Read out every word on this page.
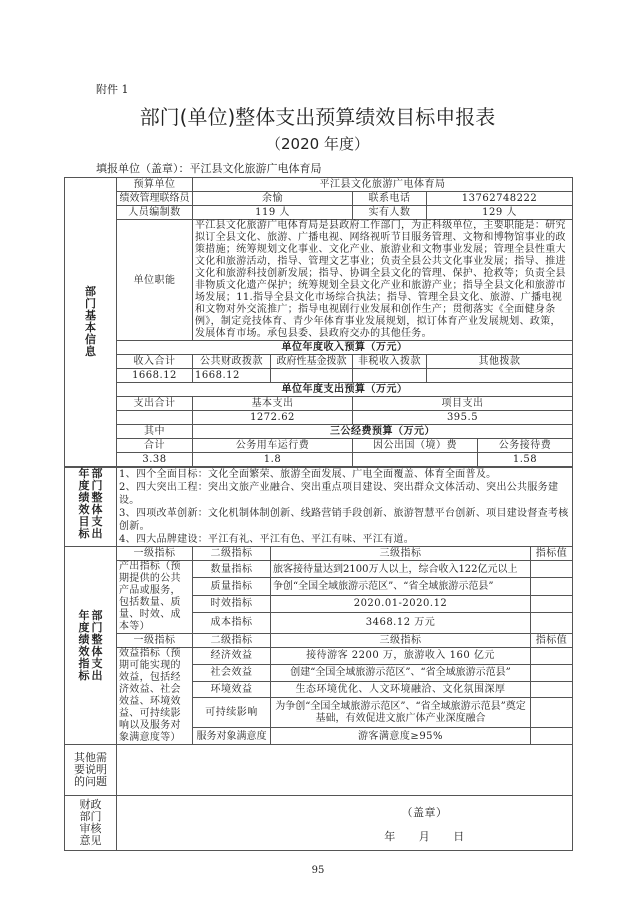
附件 1
部门(单位)整体支出预算绩效目标申报表
（2020 年度）
填报单位（盖章）：平江县文化旅游广电体育局
部门基本信息	预算单位	平江县文化旅游广电体育局				
	绩效管理联络员	余愉		联系电话	13762748222	
	人员编制数	119 人		实有人数	129 人	
	单位职能	平江县文化旅游广电体育局是县政府工作部门，为正科级单位，主要职能是：研究拟订全县文化、旅游、广播电视、网络视听节目服务管理、文物和博物馆事业的政策措施；统筹规划文化事业、文化产业、旅游业和文物事业发展；管理全县性重大文化和旅游活动，指导、管理文艺事业；负责全县公共文化事业发展；指导、推进文化和旅游科技创新发展；指导、协调全县文化的管理、保护、抢救等；负责全县非物质文化遗产保护；统筹规划全县文化产业和旅游产业；指导全县文化和旅游市场发展；11.指导全县文化市场综合执法；指导、管理全县文化、旅游、广播电视和文物对外交流推广；指导电视剧行业发展和创作生产；贯彻落实《全面健身条例》，制定竞技体育、青少年体育事业发展规划，拟订体育产业发展规划、政策，发展体育市场。承包县委、县政府交办的其他任务。				
	单位年度收入预算（万元）					
	收入合计	公共财政拨款	政府性基金拨款	非税收入拨款	其他拨款	
	1668.12	1668.12				
	单位年度支出预算（万元）					
	支出合计	基本支出		项目支出		
		1272.62		395.5		
	其中	三公经费预算（万元）				
	合计	公务用车运行费		因公出国（境）费		公务接待费
	3.38	1.8				1.58
年度绩效目标部门整体支出	1、四个全面目标：文化全面繁荣、旅游全面发展、广电全面覆盖、体育全面普及。
2、四大突出工程：突出文旅产业融合、突出重点项目建设、突出群众文体活动、突出公共服务建设。
3、四项改革创新：文化机制体制创新、线路营销手段创新、旅游智慧平台创新、项目建设督查考核创新。
4、四大品牌建设：平江有礼、平江有色、平江有味、平江有道。			

年度绩效指标部门整体支出	一级指标	二级指标	三级指标	指标值
	产出指标（预期提供的公共产品或服务，包括数量、质量、时效、成本等）	数量指标	旅客接待量达到2100万人以上，综合收入122亿元以上	
		质量指标	争创“全国全域旅游示范区”、“省全域旅游示范县”	
		时效指标	2020.01-2020.12	
		成本指标	3468.12 万元	
	一级指标	二级指标	三级指标	指标值
	效益指标（预期可能实现的效益，包括经济效益、社会效益、环境效益、可持续影响以及服务对象满意度等）	经济效益	接待游客 2200 万，旅游收入 160 亿元	
		社会效益	创建“全国全域旅游示范区”、“省全域旅游示范县”	
		环境效益	生态环境优化、人文环境融洽、文化氛围深厚	
		可持续影响	为争创“全国全域旅游示范区”、“省全域旅游示范县”奠定基础，有效促进文旅广体产业深度融合	
		服务对象满意度	游客满意度≥95%	
其他需要说明的问题				
财政部门审核意见	（盖章）
年　　月　　日			
95
